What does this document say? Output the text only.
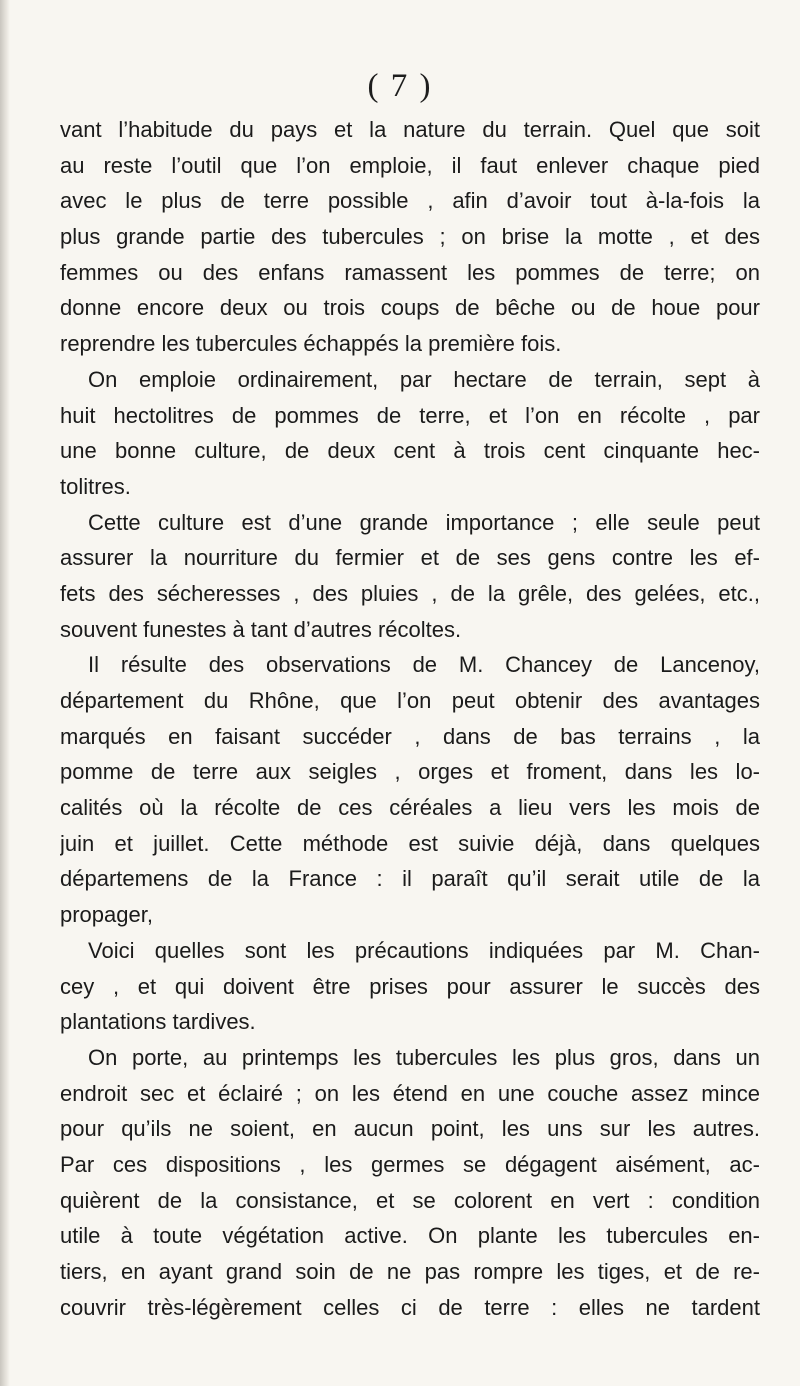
( 7 )
vant l’habitude du pays et la nature du terrain. Quel que soit
au reste l’outil que l’on emploie, il faut enlever chaque pied
avec le plus de terre possible , afin d’avoir tout à-la-fois la
plus grande partie des tubercules ; on brise la motte , et des
femmes ou des enfans ramassent les pommes de terre; on
donne encore deux ou trois coups de bêche ou de houe pour
reprendre les tubercules échappés la première fois.
On emploie ordinairement, par hectare de terrain, sept à
huit hectolitres de pommes de terre, et l’on en récolte , par
une bonne culture, de deux cent à trois cent cinquante hec-
tolitres.
Cette culture est d’une grande importance ; elle seule peut
assurer la nourriture du fermier et de ses gens contre les ef-
fets des sécheresses , des pluies , de la grêle, des gelées, etc.,
souvent funestes à tant d’autres récoltes.
Il résulte des observations de M. Chancey de Lancenoy,
département du Rhône, que l’on peut obtenir des avantages
marqués en faisant succéder , dans de bas terrains , la
pomme de terre aux seigles , orges et froment, dans les lo-
calités où la récolte de ces céréales a lieu vers les mois de
juin et juillet. Cette méthode est suivie déjà, dans quelques
départemens de la France : il paraît qu’il serait utile de la
propager,
Voici quelles sont les précautions indiquées par M. Chan-
cey , et qui doivent être prises pour assurer le succès des
plantations tardives.
On porte, au printemps les tubercules les plus gros, dans un
endroit sec et éclairé ; on les étend en une couche assez mince
pour qu’ils ne soient, en aucun point, les uns sur les autres.
Par ces dispositions , les germes se dégagent aisément, ac-
quièrent de la consistance, et se colorent en vert : condition
utile à toute végétation active. On plante les tubercules en-
tiers, en ayant grand soin de ne pas rompre les tiges, et de re-
couvrir très-légèrement celles ci de terre : elles ne tardent
